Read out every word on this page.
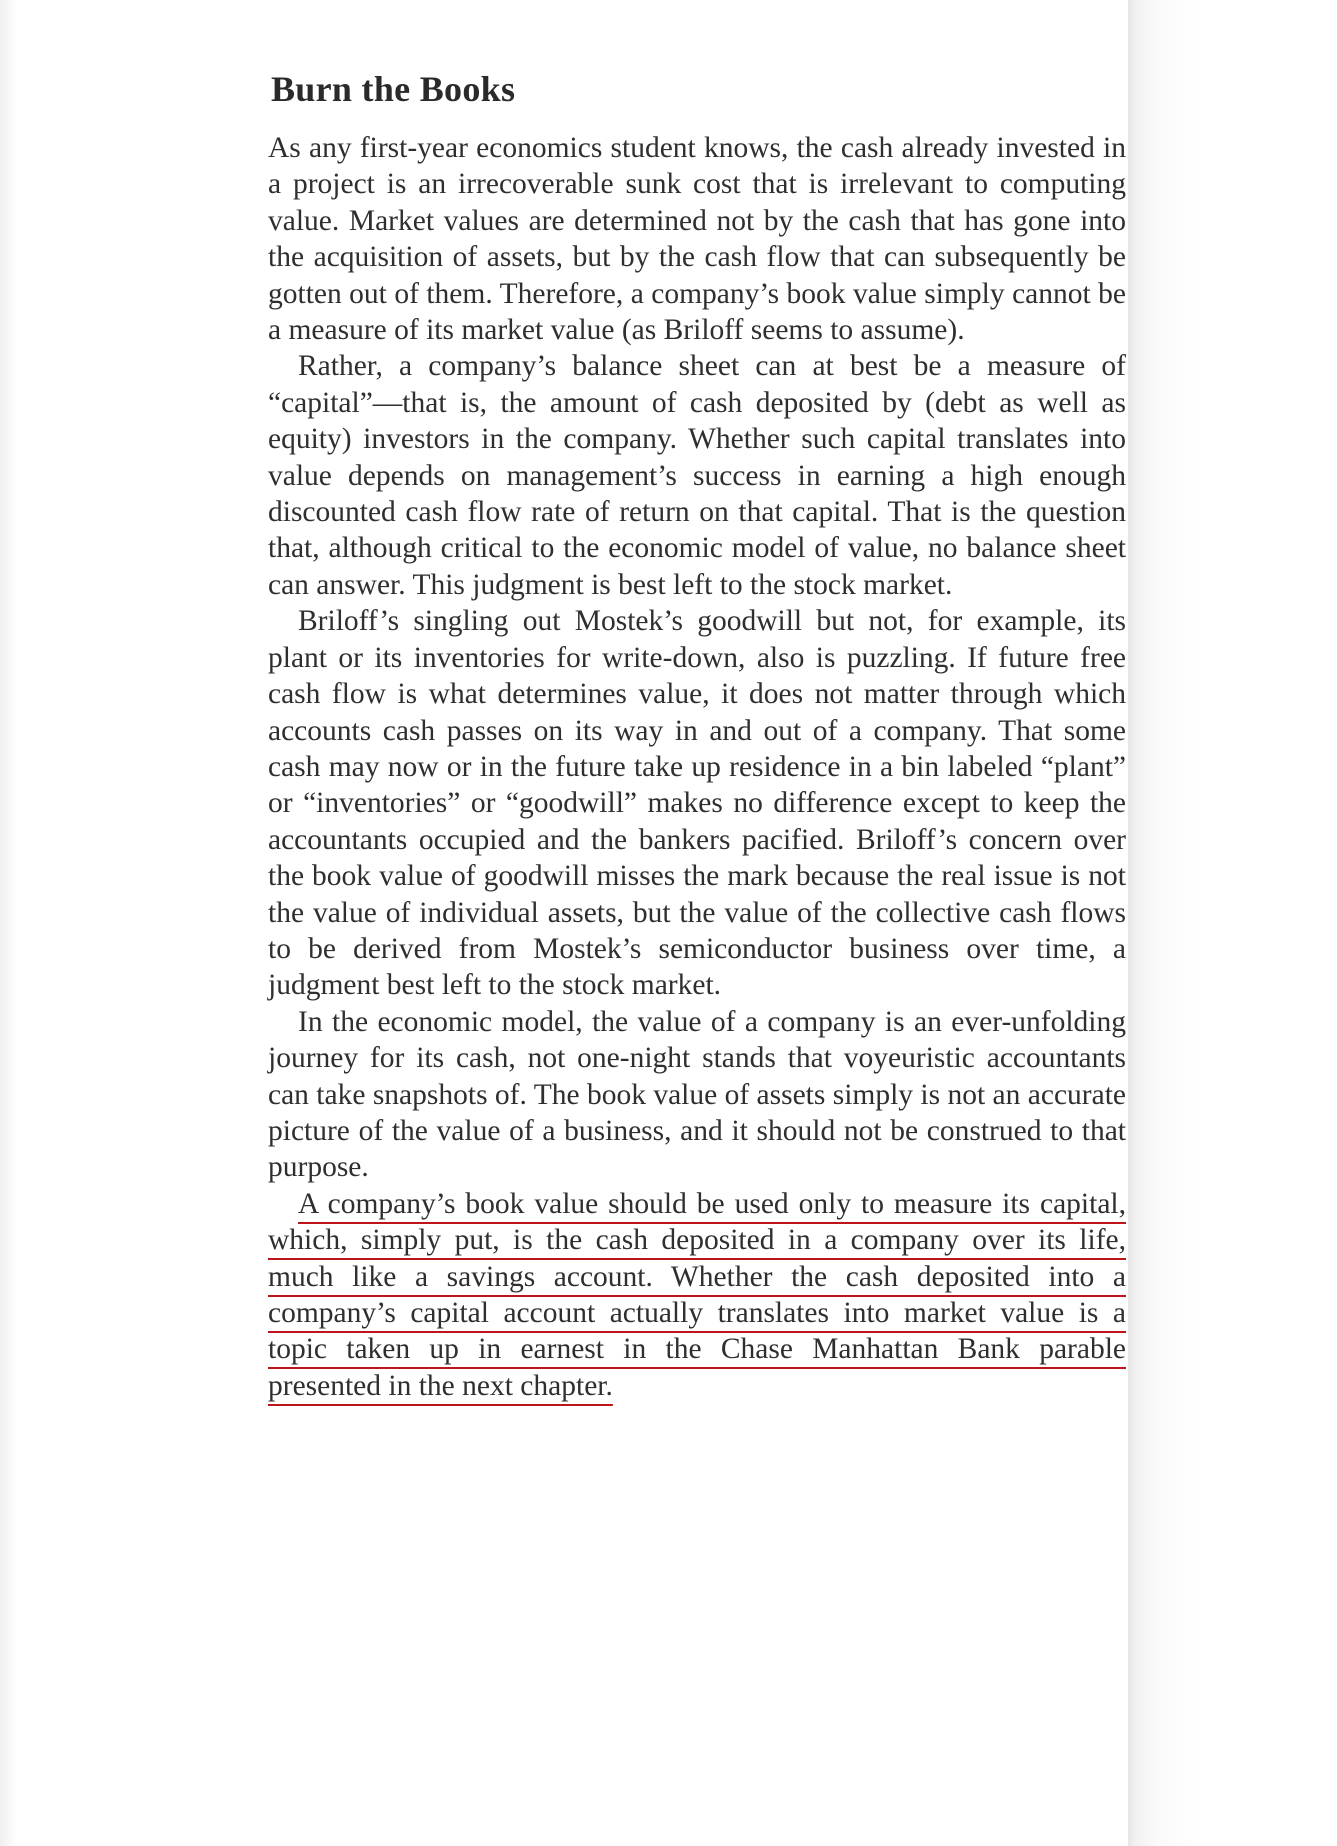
Burn the Books

As any first-year economics student knows, the cash already invested in a project is an irrecoverable sunk cost that is irrelevant to computing value. Market values are determined not by the cash that has gone into the acquisition of assets, but by the cash flow that can subsequently be gotten out of them. Therefore, a company’s book value simply cannot be a measure of its market value (as Briloff seems to assume).

Rather, a company’s balance sheet can at best be a measure of “capital”—that is, the amount of cash deposited by (debt as well as equity) investors in the company. Whether such capital translates into value depends on management’s success in earning a high enough discounted cash flow rate of return on that capital. That is the question that, although critical to the economic model of value, no balance sheet can answer. This judgment is best left to the stock market.

Briloff’s singling out Mostek’s goodwill but not, for example, its plant or its inventories for write-down, also is puzzling. If future free cash flow is what determines value, it does not matter through which accounts cash passes on its way in and out of a company. That some cash may now or in the future take up residence in a bin labeled “plant” or “inventories” or “goodwill” makes no difference except to keep the accountants occupied and the bankers pacified. Briloff’s concern over the book value of goodwill misses the mark because the real issue is not the value of individual assets, but the value of the collective cash flows to be derived from Mostek’s semiconductor business over time, a judgment best left to the stock market.

In the economic model, the value of a company is an ever-unfolding journey for its cash, not one-night stands that voyeuristic accountants can take snapshots of. The book value of assets simply is not an accurate picture of the value of a business, and it should not be construed to that purpose.

A company’s book value should be used only to measure its capital, which, simply put, is the cash deposited in a company over its life, much like a savings account. Whether the cash deposited into a company’s capital account actually translates into market value is a topic taken up in earnest in the Chase Manhattan Bank parable presented in the next chapter.
